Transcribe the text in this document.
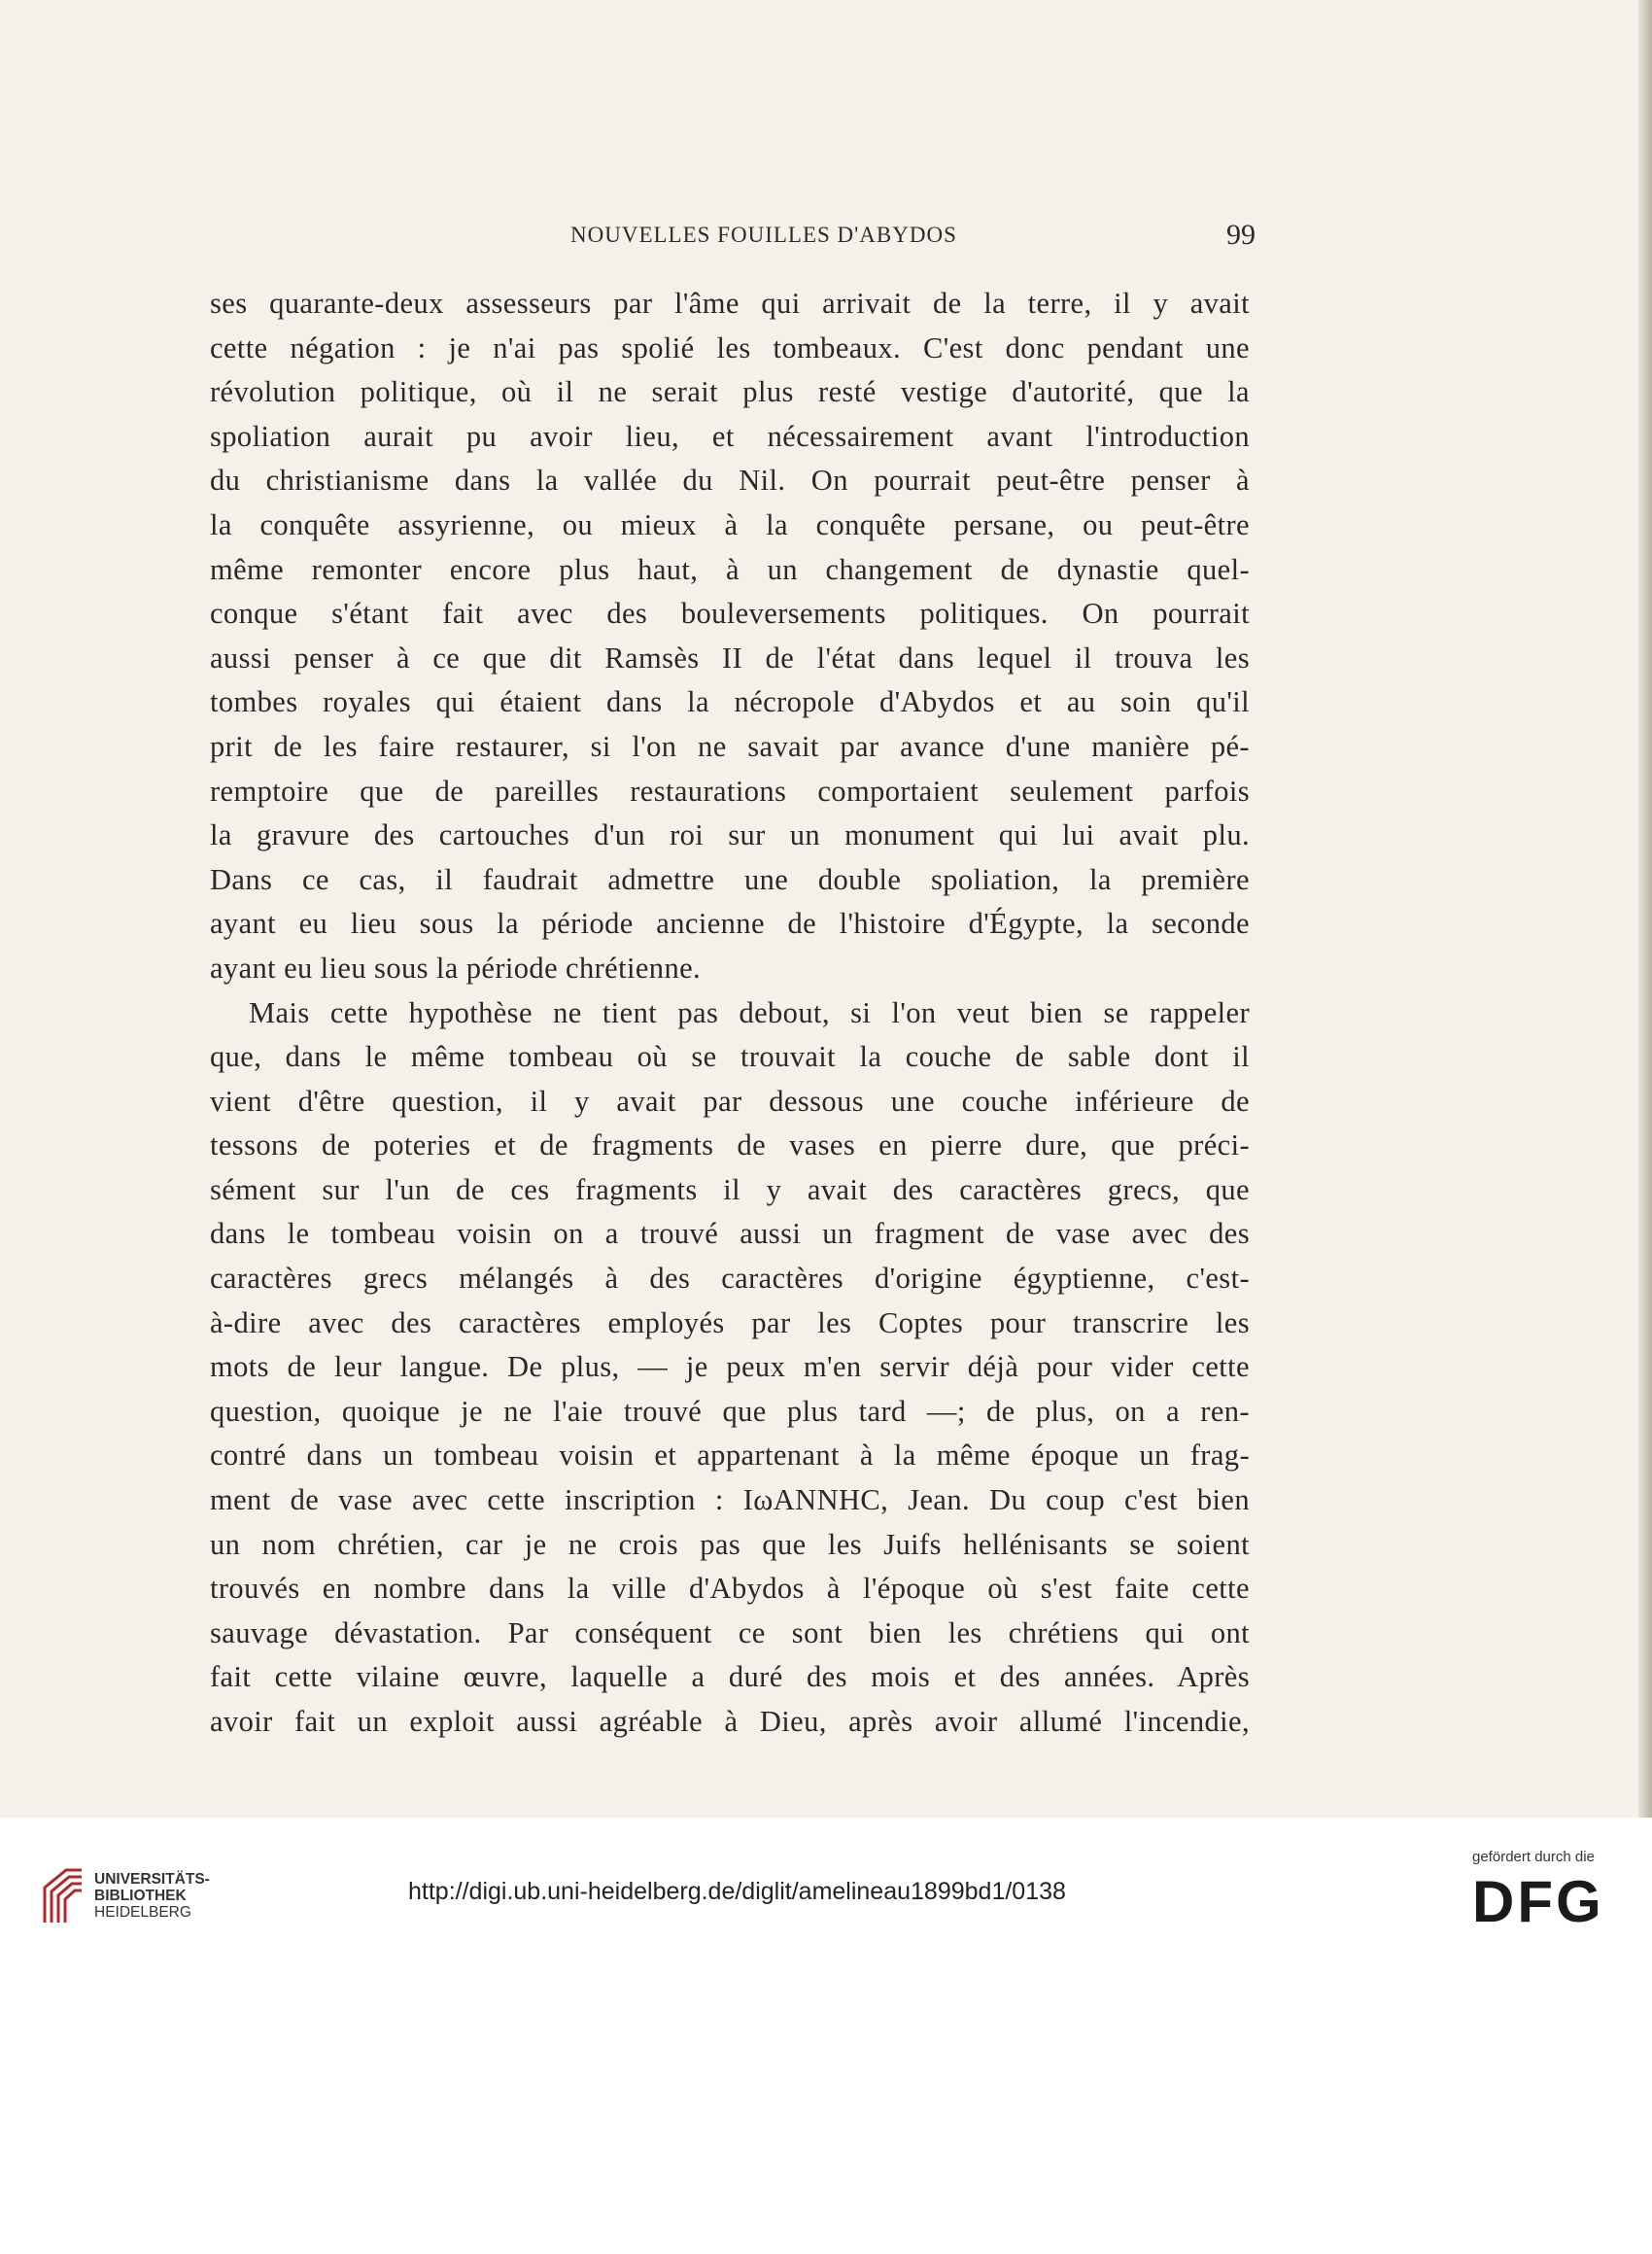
NOUVELLES FOUILLES D'ABYDOS	99
ses quarante-deux assesseurs par l'âme qui arrivait de la terre, il y avait
cette négation : je n'ai pas spolié les tombeaux. C'est donc pendant une
révolution politique, où il ne serait plus resté vestige d'autorité, que la
spoliation aurait pu avoir lieu, et nécessairement avant l'introduction
du christianisme dans la vallée du Nil. On pourrait peut-être penser à
la conquête assyrienne, ou mieux à la conquête persane, ou peut-être
même remonter encore plus haut, à un changement de dynastie quel-
conque s'étant fait avec des bouleversements politiques. On pourrait
aussi penser à ce que dit Ramsès II de l'état dans lequel il trouva les
tombes royales qui étaient dans la nécropole d'Abydos et au soin qu'il
prit de les faire restaurer, si l'on ne savait par avance d'une manière pé-
remptoire que de pareilles restaurations comportaient seulement parfois
la gravure des cartouches d'un roi sur un monument qui lui avait plu.
Dans ce cas, il faudrait admettre une double spoliation, la première
ayant eu lieu sous la période ancienne de l'histoire d'Égypte, la seconde
ayant eu lieu sous la période chrétienne.
Mais cette hypothèse ne tient pas debout, si l'on veut bien se rappeler
que, dans le même tombeau où se trouvait la couche de sable dont il
vient d'être question, il y avait par dessous une couche inférieure de
tessons de poteries et de fragments de vases en pierre dure, que préci-
sément sur l'un de ces fragments il y avait des caractères grecs, que
dans le tombeau voisin on a trouvé aussi un fragment de vase avec des
caractères grecs mélangés à des caractères d'origine égyptienne, c'est-
à-dire avec des caractères employés par les Coptes pour transcrire les
mots de leur langue. De plus, — je peux m'en servir déjà pour vider cette
question, quoique je ne l'aie trouvé que plus tard —; de plus, on a ren-
contré dans un tombeau voisin et appartenant à la même époque un frag-
ment de vase avec cette inscription : IωANNHC, Jean. Du coup c'est bien
un nom chrétien, car je ne crois pas que les Juifs hellénisants se soient
trouvés en nombre dans la ville d'Abydos à l'époque où s'est faite cette
sauvage dévastation. Par conséquent ce sont bien les chrétiens qui ont
fait cette vilaine œuvre, laquelle a duré des mois et des années. Après
avoir fait un exploit aussi agréable à Dieu, après avoir allumé l'incendie,
UNIVERSITÄTS-
BIBLIOTHEK
HEIDELBERG
http://digi.ub.uni-heidelberg.de/diglit/amelineau1899bd1/0138
gefördert durch die
DFG
